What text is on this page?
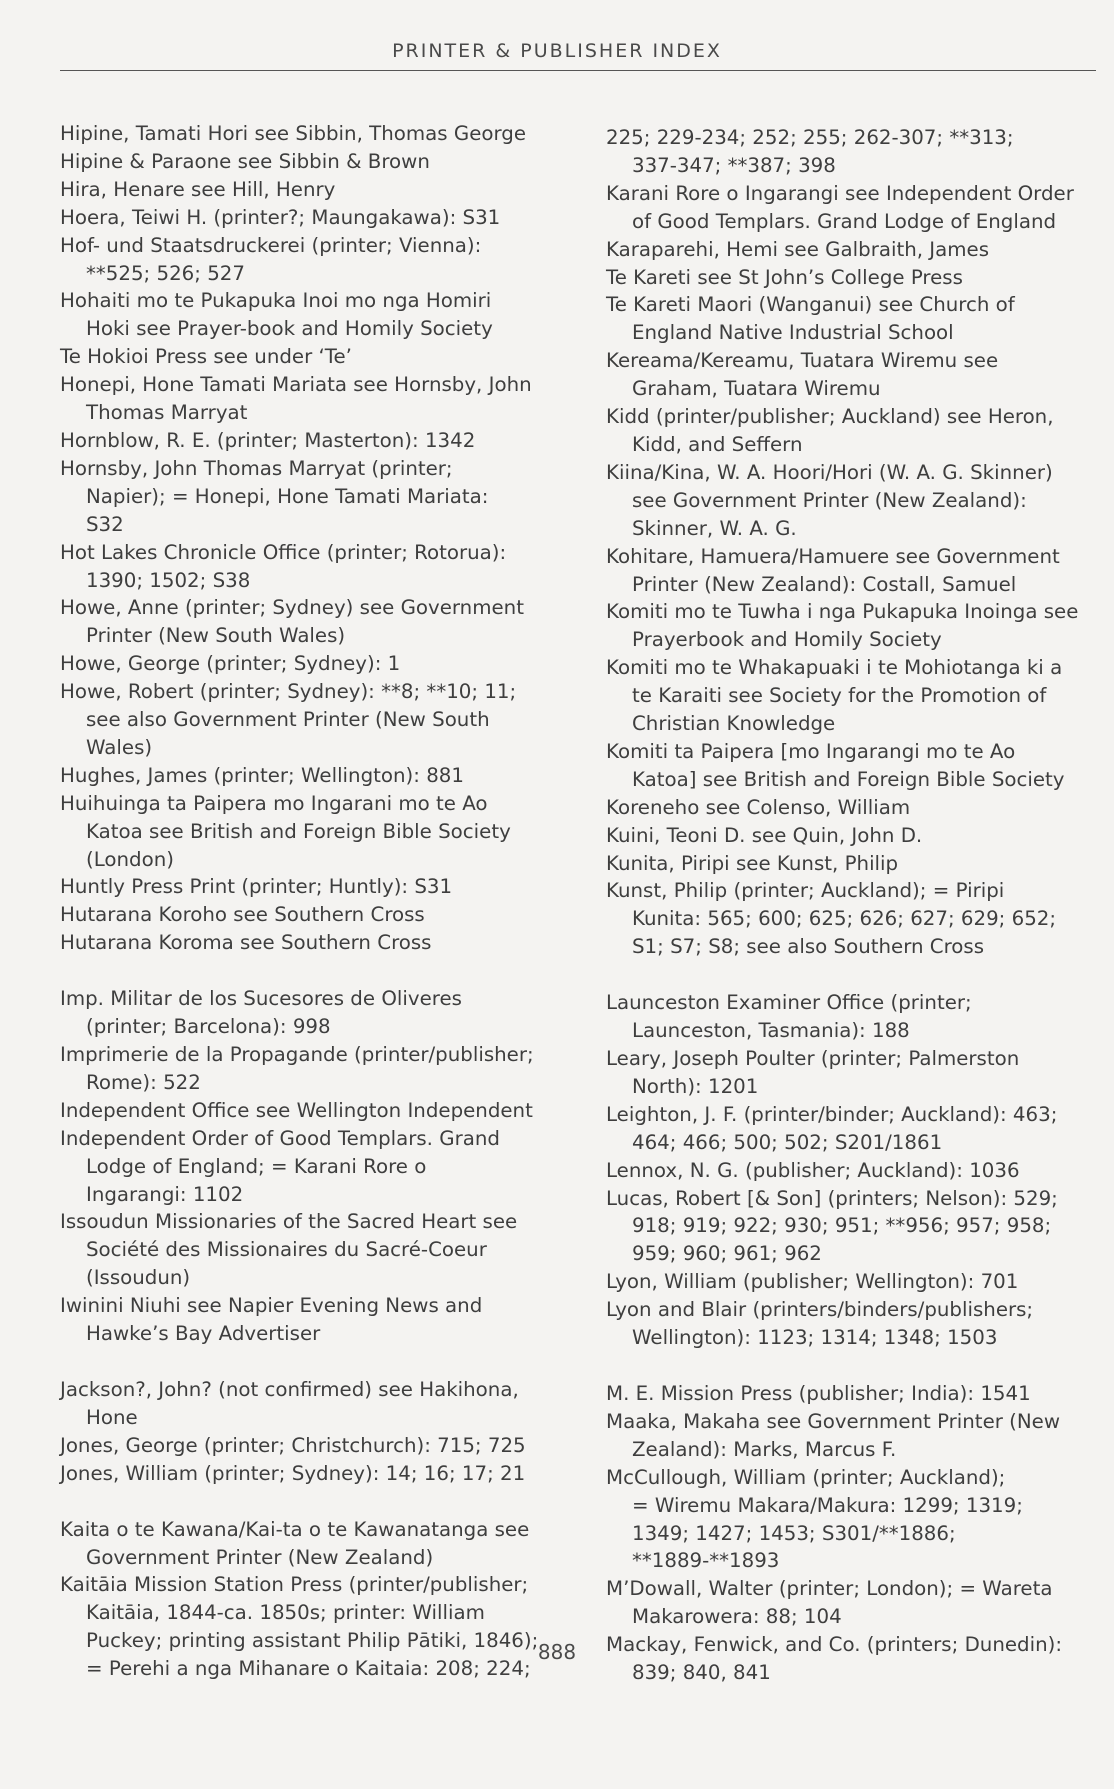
PRINTER & PUBLISHER INDEX
Hipine, Tamati Hori see Sibbin, Thomas George
Hipine & Paraone see Sibbin & Brown
Hira, Henare see Hill, Henry
Hoera, Teiwi H. (printer?; Maungakawa): S31
Hof- und Staatsdruckerei (printer; Vienna):
**525; 526; 527
Hohaiti mo te Pukapuka Inoi mo nga Homiri
Hoki see Prayer-book and Homily Society
Te Hokioi Press see under ‘Te’
Honepi, Hone Tamati Mariata see Hornsby, John
Thomas Marryat
Hornblow, R. E. (printer; Masterton): 1342
Hornsby, John Thomas Marryat (printer;
Napier); = Honepi, Hone Tamati Mariata:
S32
Hot Lakes Chronicle Office (printer; Rotorua):
1390; 1502; S38
Howe, Anne (printer; Sydney) see Government
Printer (New South Wales)
Howe, George (printer; Sydney): 1
Howe, Robert (printer; Sydney): **8; **10; 11;
see also Government Printer (New South
Wales)
Hughes, James (printer; Wellington): 881
Huihuinga ta Paipera mo Ingarani mo te Ao
Katoa see British and Foreign Bible Society
(London)
Huntly Press Print (printer; Huntly): S31
Hutarana Koroho see Southern Cross
Hutarana Koroma see Southern Cross
Imp. Militar de los Sucesores de Oliveres
(printer; Barcelona): 998
Imprimerie de la Propagande (printer/publisher;
Rome): 522
Independent Office see Wellington Independent
Independent Order of Good Templars. Grand
Lodge of England; = Karani Rore o
Ingarangi: 1102
Issoudun Missionaries of the Sacred Heart see
Société des Missionaires du Sacré-Coeur
(Issoudun)
Iwinini Niuhi see Napier Evening News and
Hawke’s Bay Advertiser
Jackson?, John? (not confirmed) see Hakihona,
Hone
Jones, George (printer; Christchurch): 715; 725
Jones, William (printer; Sydney): 14; 16; 17; 21
Kaita o te Kawana/Kai-ta o te Kawanatanga see
Government Printer (New Zealand)
Kaitāia Mission Station Press (printer/publisher;
Kaitāia, 1844-ca. 1850s; printer: William
Puckey; printing assistant Philip Pātiki, 1846);
= Perehi a nga Mihanare o Kaitaia: 208; 224;
225; 229-234; 252; 255; 262-307; **313;
337-347; **387; 398
Karani Rore o Ingarangi see Independent Order
of Good Templars. Grand Lodge of England
Karaparehi, Hemi see Galbraith, James
Te Kareti see St John’s College Press
Te Kareti Maori (Wanganui) see Church of
England Native Industrial School
Kereama/Kereamu, Tuatara Wiremu see
Graham, Tuatara Wiremu
Kidd (printer/publisher; Auckland) see Heron,
Kidd, and Seffern
Kiina/Kina, W. A. Hoori/Hori (W. A. G. Skinner)
see Government Printer (New Zealand):
Skinner, W. A. G.
Kohitare, Hamuera/Hamuere see Government
Printer (New Zealand): Costall, Samuel
Komiti mo te Tuwha i nga Pukapuka Inoinga see
Prayerbook and Homily Society
Komiti mo te Whakapuaki i te Mohiotanga ki a
te Karaiti see Society for the Promotion of
Christian Knowledge
Komiti ta Paipera [mo Ingarangi mo te Ao
Katoa] see British and Foreign Bible Society
Koreneho see Colenso, William
Kuini, Teoni D. see Quin, John D.
Kunita, Piripi see Kunst, Philip
Kunst, Philip (printer; Auckland); = Piripi
Kunita: 565; 600; 625; 626; 627; 629; 652;
S1; S7; S8; see also Southern Cross
Launceston Examiner Office (printer;
Launceston, Tasmania): 188
Leary, Joseph Poulter (printer; Palmerston
North): 1201
Leighton, J. F. (printer/binder; Auckland): 463;
464; 466; 500; 502; S201/1861
Lennox, N. G. (publisher; Auckland): 1036
Lucas, Robert [& Son] (printers; Nelson): 529;
918; 919; 922; 930; 951; **956; 957; 958;
959; 960; 961; 962
Lyon, William (publisher; Wellington): 701
Lyon and Blair (printers/binders/publishers;
Wellington): 1123; 1314; 1348; 1503
M. E. Mission Press (publisher; India): 1541
Maaka, Makaha see Government Printer (New
Zealand): Marks, Marcus F.
McCullough, William (printer; Auckland);
= Wiremu Makara/Makura: 1299; 1319;
1349; 1427; 1453; S301/**1886;
**1889-**1893
M’Dowall, Walter (printer; London); = Wareta
Makarowera: 88; 104
Mackay, Fenwick, and Co. (printers; Dunedin):
839; 840, 841
888
